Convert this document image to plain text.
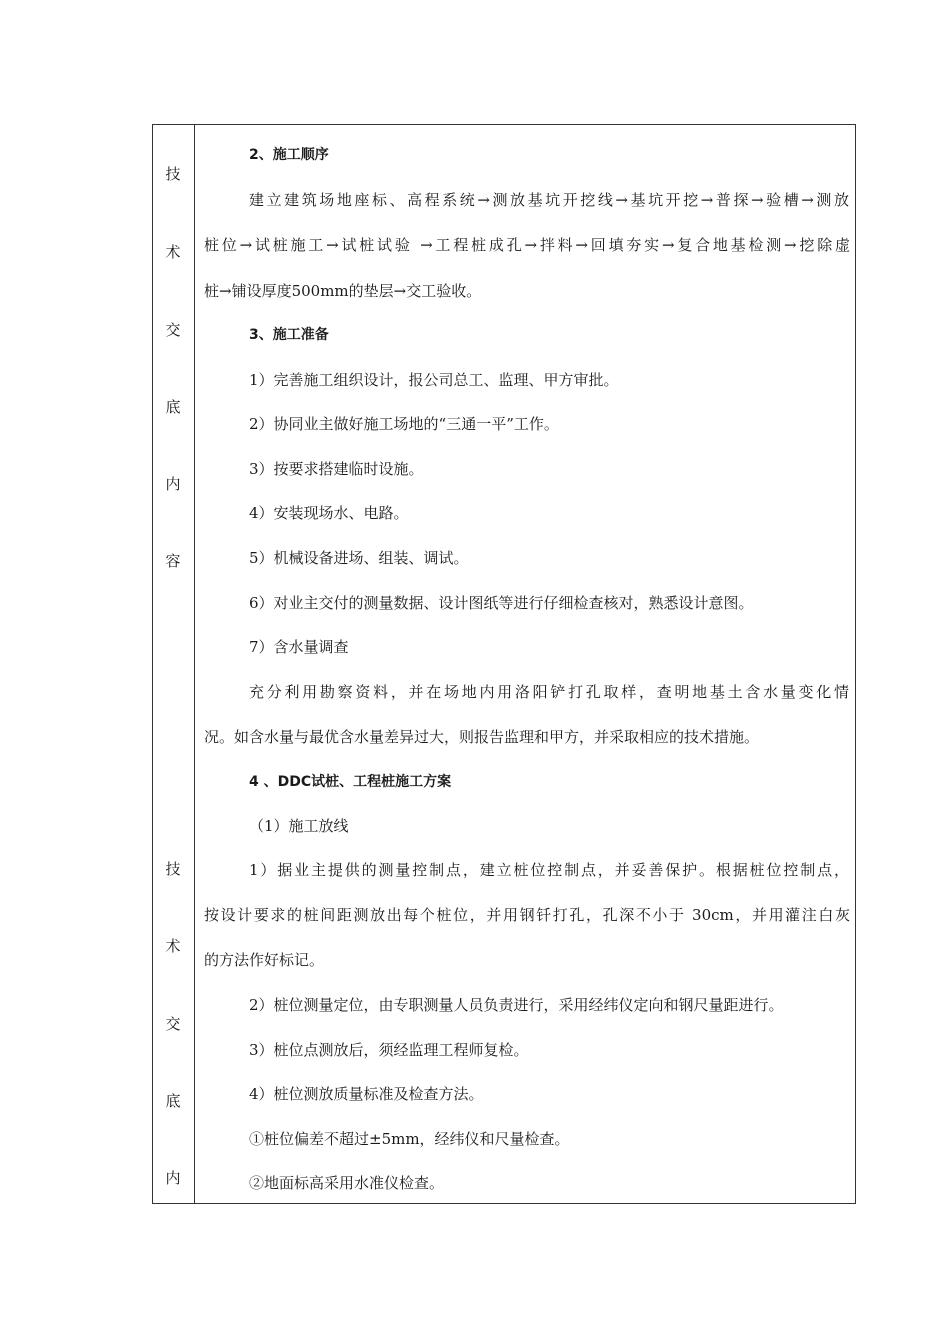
技
术
交
底
内
容
技
术
交
底
内
2、施工顺序
建立建筑场地座标、高程系统→测放基坑开挖线→基坑开挖→普探→验槽→测放
桩位→试桩施工→试桩试验 →工程桩成孔→拌料→回填夯实→复合地基检测→挖除虚
桩→铺设厚度500mm的垫层→交工验收。
3、施工准备
1）完善施工组织设计，报公司总工、监理、甲方审批。
2）协同业主做好施工场地的“三通一平”工作。
3）按要求搭建临时设施。
4）安装现场水、电路。
5）机械设备进场、组装、调试。
6）对业主交付的测量数据、设计图纸等进行仔细检查核对，熟悉设计意图。
7）含水量调查
充分利用勘察资料，并在场地内用洛阳铲打孔取样，查明地基土含水量变化情
况。如含水量与最优含水量差异过大，则报告监理和甲方，并采取相应的技术措施。
4 、DDC试桩、工程桩施工方案
（1）施工放线
1）据业主提供的测量控制点，建立桩位控制点，并妥善保护。根据桩位控制点，
按设计要求的桩间距测放出每个桩位，并用钢钎打孔，孔深不小于 30cm，并用灌注白灰
的方法作好标记。
2）桩位测量定位，由专职测量人员负责进行，采用经纬仪定向和钢尺量距进行。
3）桩位点测放后，须经监理工程师复检。
4）桩位测放质量标准及检查方法。
①桩位偏差不超过±5mm，经纬仪和尺量检查。
②地面标高采用水准仪检查。
